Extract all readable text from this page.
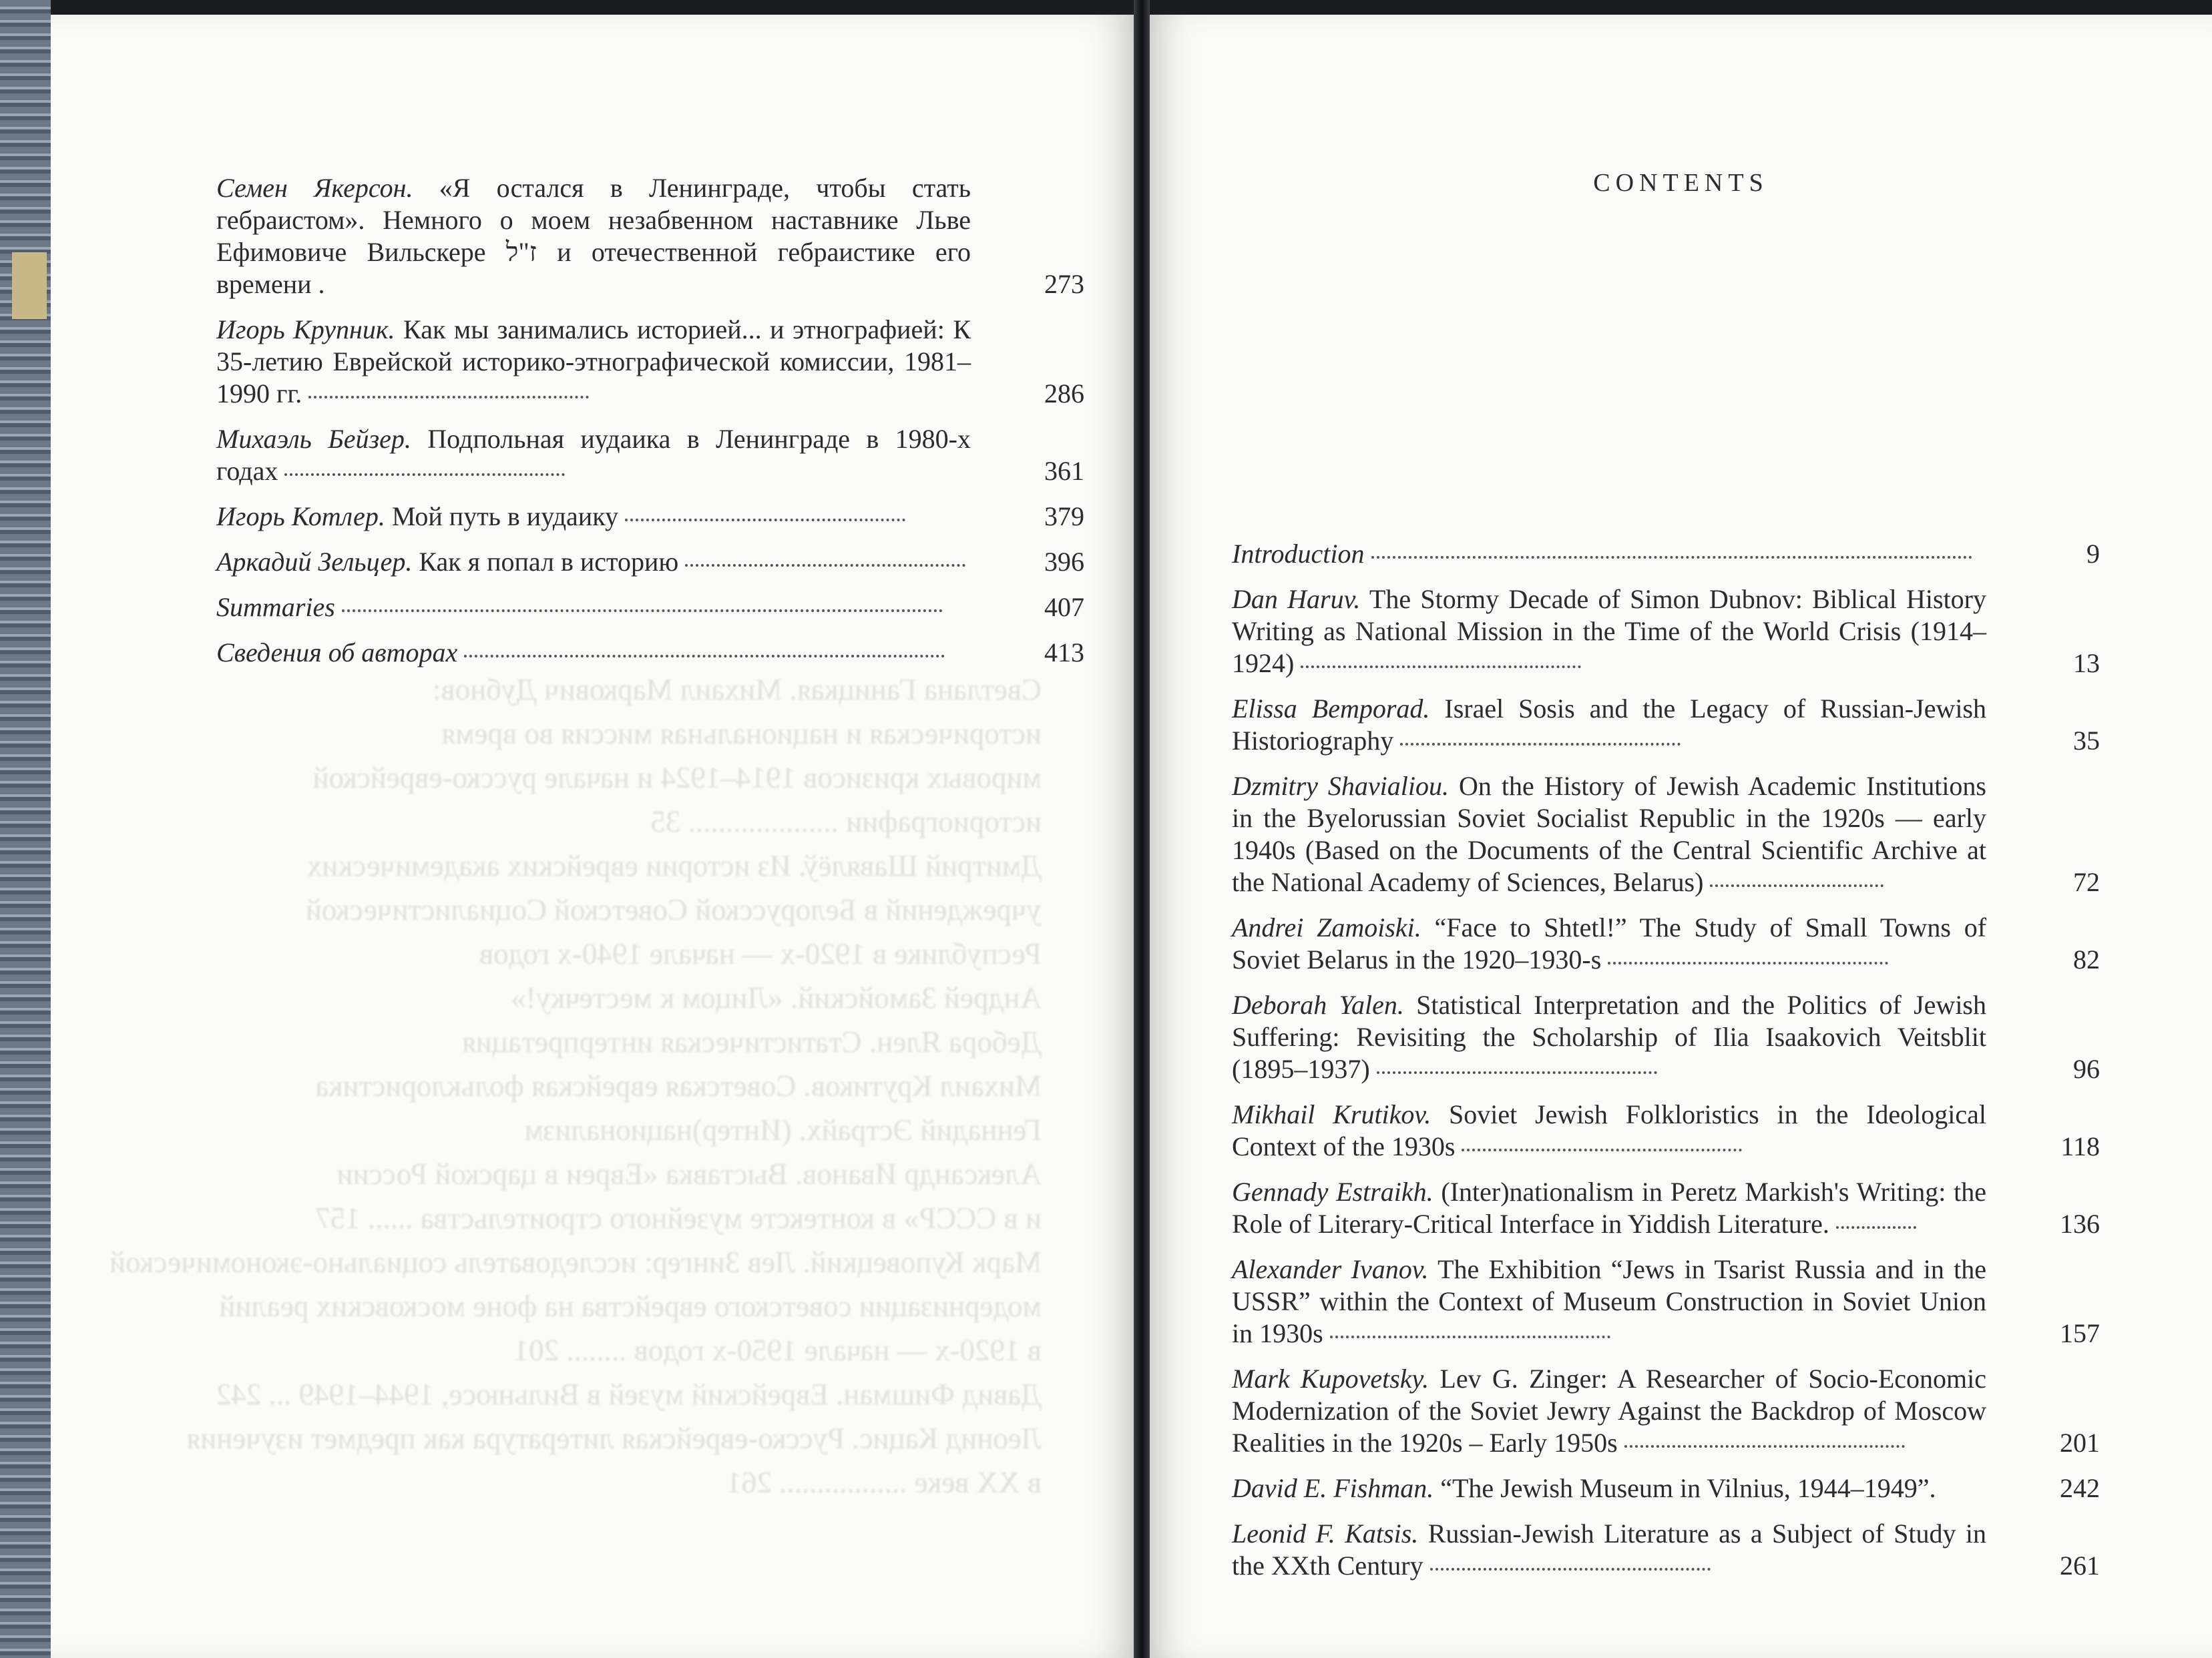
Светлана Ганицкая. Михаил Маркович Дубнов:
историческая и национальная миссия во время
мировых кризисов 1914–1924 и начале русско-еврейской
историографии .................... 35
Дмитрий Шавялёў. Из истории еврейских академических
учреждений в Белорусской Советской Социалистической
Республике в 1920-х — начале 1940-х годов
Андрей Замойский. «Лицом к местечку!»
Дебора Ялен. Статистическая интерпретация
Михаил Крутиков. Советская еврейская фольклористика
Геннадий Эстрайх. (Интер)национализм
Александр Иванов. Выставка «Евреи в царской России
и в СССР» в контексте музейного строительства ...... 157
Марк Куповецкий. Лев Зингер: исследователь социально-экономической
модернизации советского еврейства на фоне московских реалий
в 1920-х — начале 1950-х годов ........ 201
Давид Фишман. Еврейский музей в Вильнюсе, 1944–1949 ... 242
Леонид Кацис. Русско-еврейская литература как предмет изучения
в XX веке ................. 261
Семен Якерсон. «Я остался в Ленинграде, чтобы стать гебраистом». Немного о моем незабвенном наставнике Льве Ефимовиче Вильскере ז"ל и отечественной гебраистике его времени .	273
Игорь Крупник. Как мы занимались историей... и этнографией: К 35-летию Еврейской историко-этнографической комиссии, 1981–1990 гг.	286
Михаэль Бейзер. Подпольная иудаика в Ленинграде в 1980-х годах	361
Игорь Котлер. Мой путь в иудаику	379
Аркадий Зельцер. Как я попал в историю	396
Summaries	407
Сведения об авторах	413
CONTENTS
Introduction	9
Dan Haruv. The Stormy Decade of Simon Dubnov: Biblical History Writing as National Mission in the Time of the World Crisis (1914–1924)	13
Elissa Bemporad. Israel Sosis and the Legacy of Russian-Jewish Historiography	35
Dzmitry Shavialiou. On the History of Jewish Academic Institutions in the Byelorussian Soviet Socialist Republic in the 1920s — early 1940s (Based on the Documents of the Central Scientific Archive at the National Academy of Sciences, Belarus)	72
Andrei Zamoiski. “Face to Shtetl!” The Study of Small Towns of Soviet Belarus in the 1920–1930-s	82
Deborah Yalen. Statistical Interpretation and the Politics of Jewish Suffering: Revisiting the Scholarship of Ilia Isaakovich Veitsblit (1895–1937)	96
Mikhail Krutikov. Soviet Jewish Folkloristics in the Ideological Context of the 1930s	118
Gennady Estraikh. (Inter)nationalism in Peretz Markish's Writing: the Role of Literary-Critical Interface in Yiddish Literature.	136
Alexander Ivanov. The Exhibition “Jews in Tsarist Russia and in the USSR” within the Context of Museum Construction in Soviet Union in 1930s	157
Mark Kupovetsky. Lev G. Zinger: A Researcher of Socio-Economic Modernization of the Soviet Jewry Against the Backdrop of Moscow Realities in the 1920s – Early 1950s	201
David E. Fishman. “The Jewish Museum in Vilnius, 1944–1949”.	242
Leonid F. Katsis. Russian-Jewish Literature as a Subject of Study in the XXth Century	261
